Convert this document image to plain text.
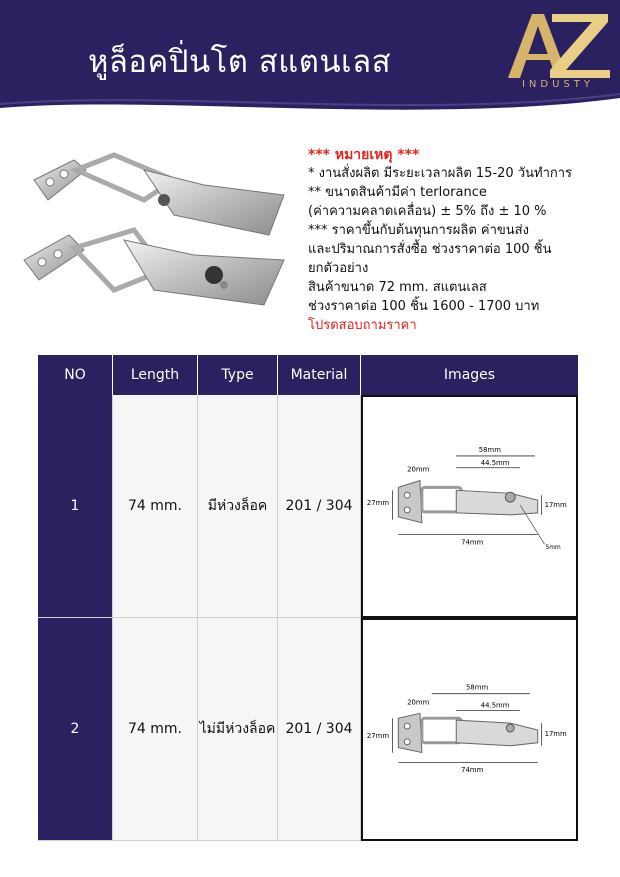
หูล็อคปิ่นโต สแตนเลส
INDUSTY
*** หมายเหตุ ***
* งานสั่งผลิต มีระยะเวลาผลิต 15-20 วันทำการ
** ขนาดสินค้ามีค่า terlorance
(ค่าความคลาดเคลื่อน) ± 5% ถึง ± 10 %
*** ราคาขึ้นกับต้นทุนการผลิต ค่าขนส่ง
และปริมาณการสั่งซื้อ ช่วงราคาต่อ 100 ชิ้น
ยกตัวอย่าง
สินค้าขนาด 72 mm. สแตนเลส
ช่วงราคาต่อ 100 ชิ้น 1600 - 1700 บาท
โปรดสอบถามราคา
NO	Length	Type	Material	Images
1	74 mm.	มีห่วงล็อค	201 / 304
58mm
44.5mm
20mm
27mm	17mm
74mm
5mm
2	74 mm.	ไม่มีห่วงล็อค 201 / 304
58mm
44.5mm
20mm
27mm	17mm
74mm
